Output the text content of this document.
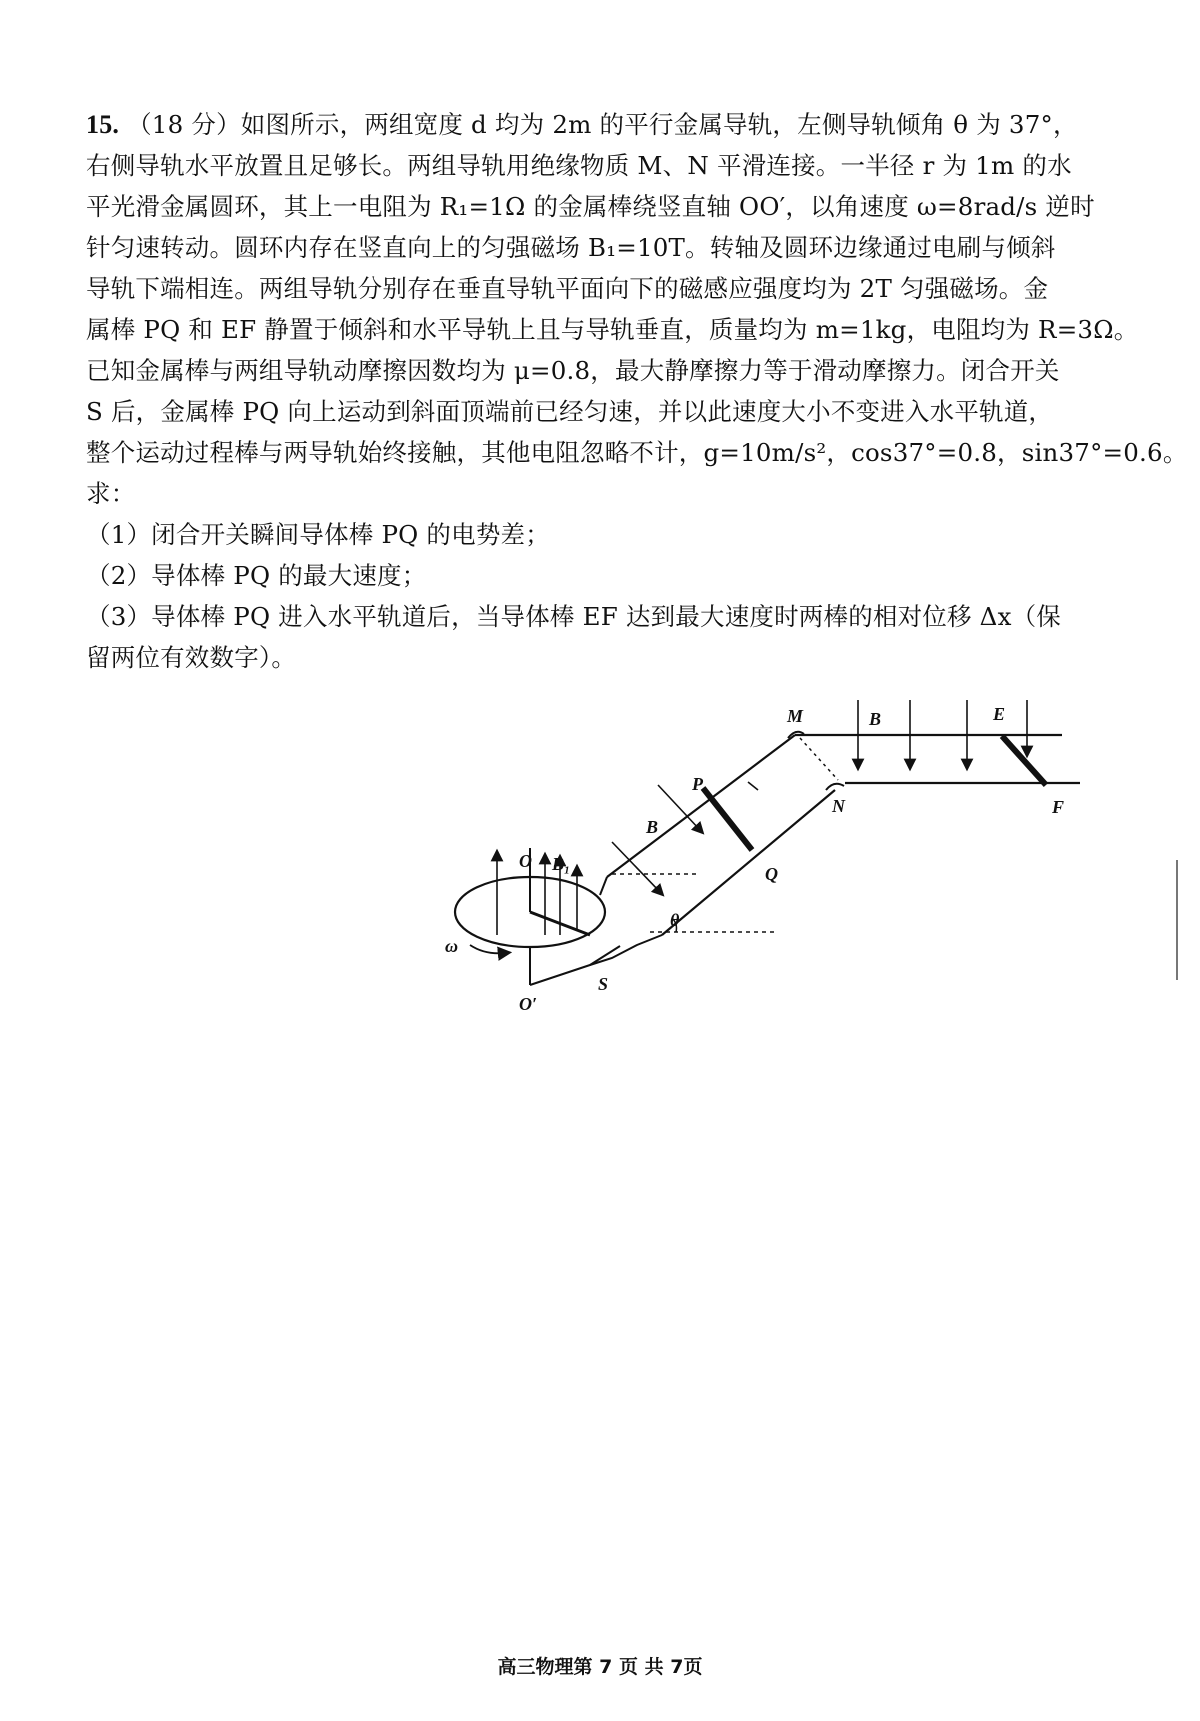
15. （18 分）如图所示，两组宽度 d 均为 2m 的平行金属导轨，左侧导轨倾角 θ 为 37°，
右侧导轨水平放置且足够长。两组导轨用绝缘物质 M、N 平滑连接。一半径 r 为 1m 的水
平光滑金属圆环，其上一电阻为 R₁=1Ω 的金属棒绕竖直轴 OO′，以角速度 ω=8rad/s 逆时
针匀速转动。圆环内存在竖直向上的匀强磁场 B₁=10T。转轴及圆环边缘通过电刷与倾斜
导轨下端相连。两组导轨分别存在垂直导轨平面向下的磁感应强度均为 2T 匀强磁场。金
属棒 PQ 和 EF 静置于倾斜和水平导轨上且与导轨垂直，质量均为 m=1kg，电阻均为 R=3Ω。
已知金属棒与两组导轨动摩擦因数均为 μ=0.8，最大静摩擦力等于滑动摩擦力。闭合开关
S 后，金属棒 PQ 向上运动到斜面顶端前已经匀速，并以此速度大小不变进入水平轨道，
整个运动过程棒与两导轨始终接触，其他电阻忽略不计，g=10m/s²，cos37°=0.8，sin37°=0.6。
求：
（1）闭合开关瞬间导体棒 PQ 的电势差；
（2）导体棒 PQ 的最大速度；
（3）导体棒 PQ 进入水平轨道后，当导体棒 EF 达到最大速度时两棒的相对位移 Δx（保
留两位有效数字）。
M
N
E
F
P
Q
B
B
O
O′
B₁
ω
θ
S
高三物理第 7 页 共 7页
